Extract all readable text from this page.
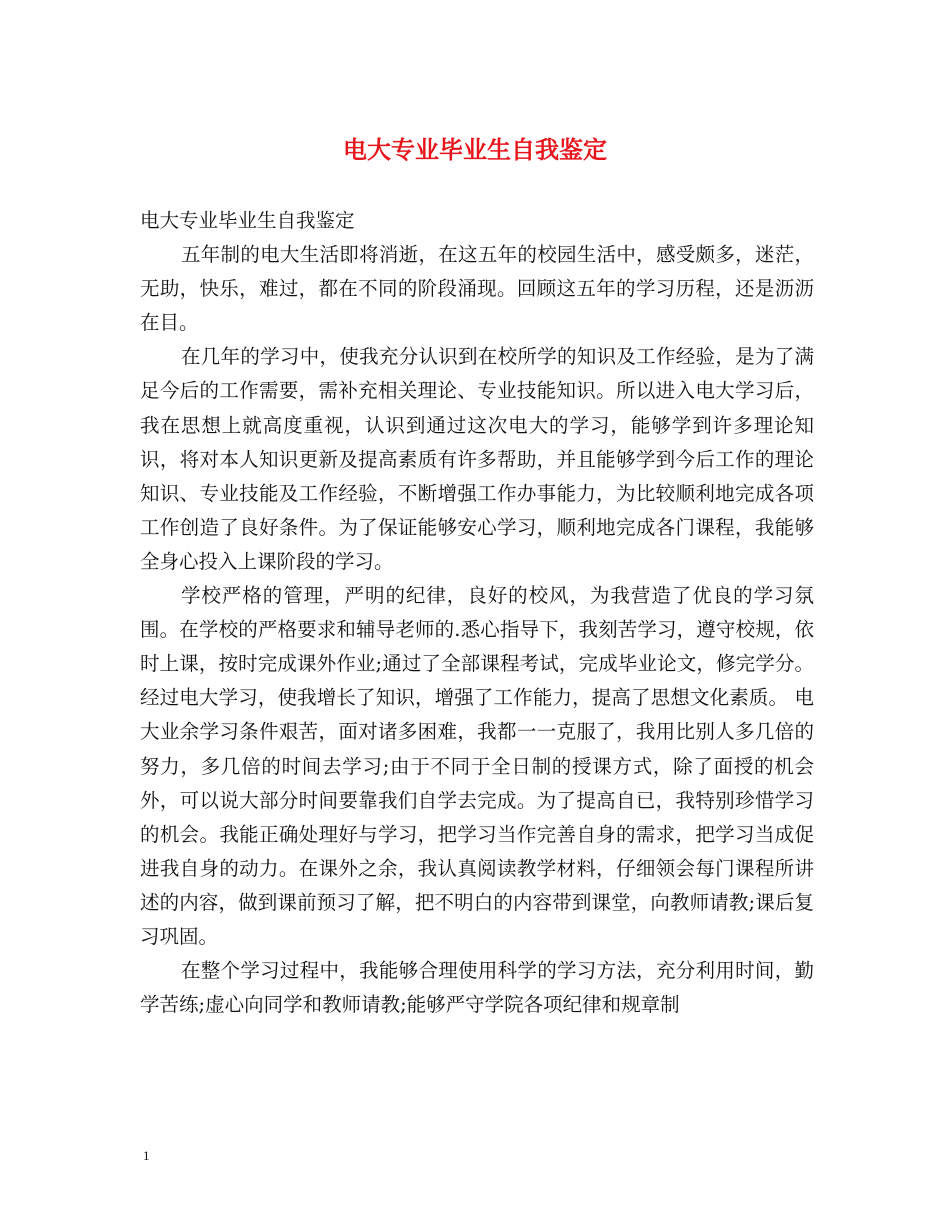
电大专业毕业生自我鉴定

电大专业毕业生自我鉴定

五年制的电大生活即将消逝，在这五年的校园生活中，感受颇多，迷茫，无助，快乐，难过，都在不同的阶段涌现。回顾这五年的学习历程，还是沥沥在目。

在几年的学习中，使我充分认识到在校所学的知识及工作经验，是为了满足今后的工作需要，需补充相关理论、专业技能知识。所以进入电大学习后，我在思想上就高度重视，认识到通过这次电大的学习，能够学到许多理论知识，将对本人知识更新及提高素质有许多帮助，并且能够学到今后工作的理论知识、专业技能及工作经验，不断增强工作办事能力，为比较顺利地完成各项工作创造了良好条件。为了保证能够安心学习，顺利地完成各门课程，我能够全身心投入上课阶段的学习。

学校严格的管理，严明的纪律，良好的校风，为我营造了优良的学习氛围。在学校的严格要求和辅导老师的.悉心指导下，我刻苦学习，遵守校规，依时上课，按时完成课外作业;通过了全部课程考试，完成毕业论文，修完学分。经过电大学习，使我增长了知识，增强了工作能力，提高了思想文化素质。 电大业余学习条件艰苦，面对诸多困难，我都一一克服了，我用比别人多几倍的努力，多几倍的时间去学习;由于不同于全日制的授课方式，除了面授的机会外，可以说大部分时间要靠我们自学去完成。为了提高自已，我特别珍惜学习的机会。我能正确处理好与学习，把学习当作完善自身的需求，把学习当成促进我自身的动力。在课外之余，我认真阅读教学材料，仔细领会每门课程所讲述的内容，做到课前预习了解，把不明白的内容带到课堂，向教师请教;课后复习巩固。

在整个学习过程中，我能够合理使用科学的学习方法，充分利用时间，勤学苦练;虚心向同学和教师请教;能够严守学院各项纪律和规章制

1
